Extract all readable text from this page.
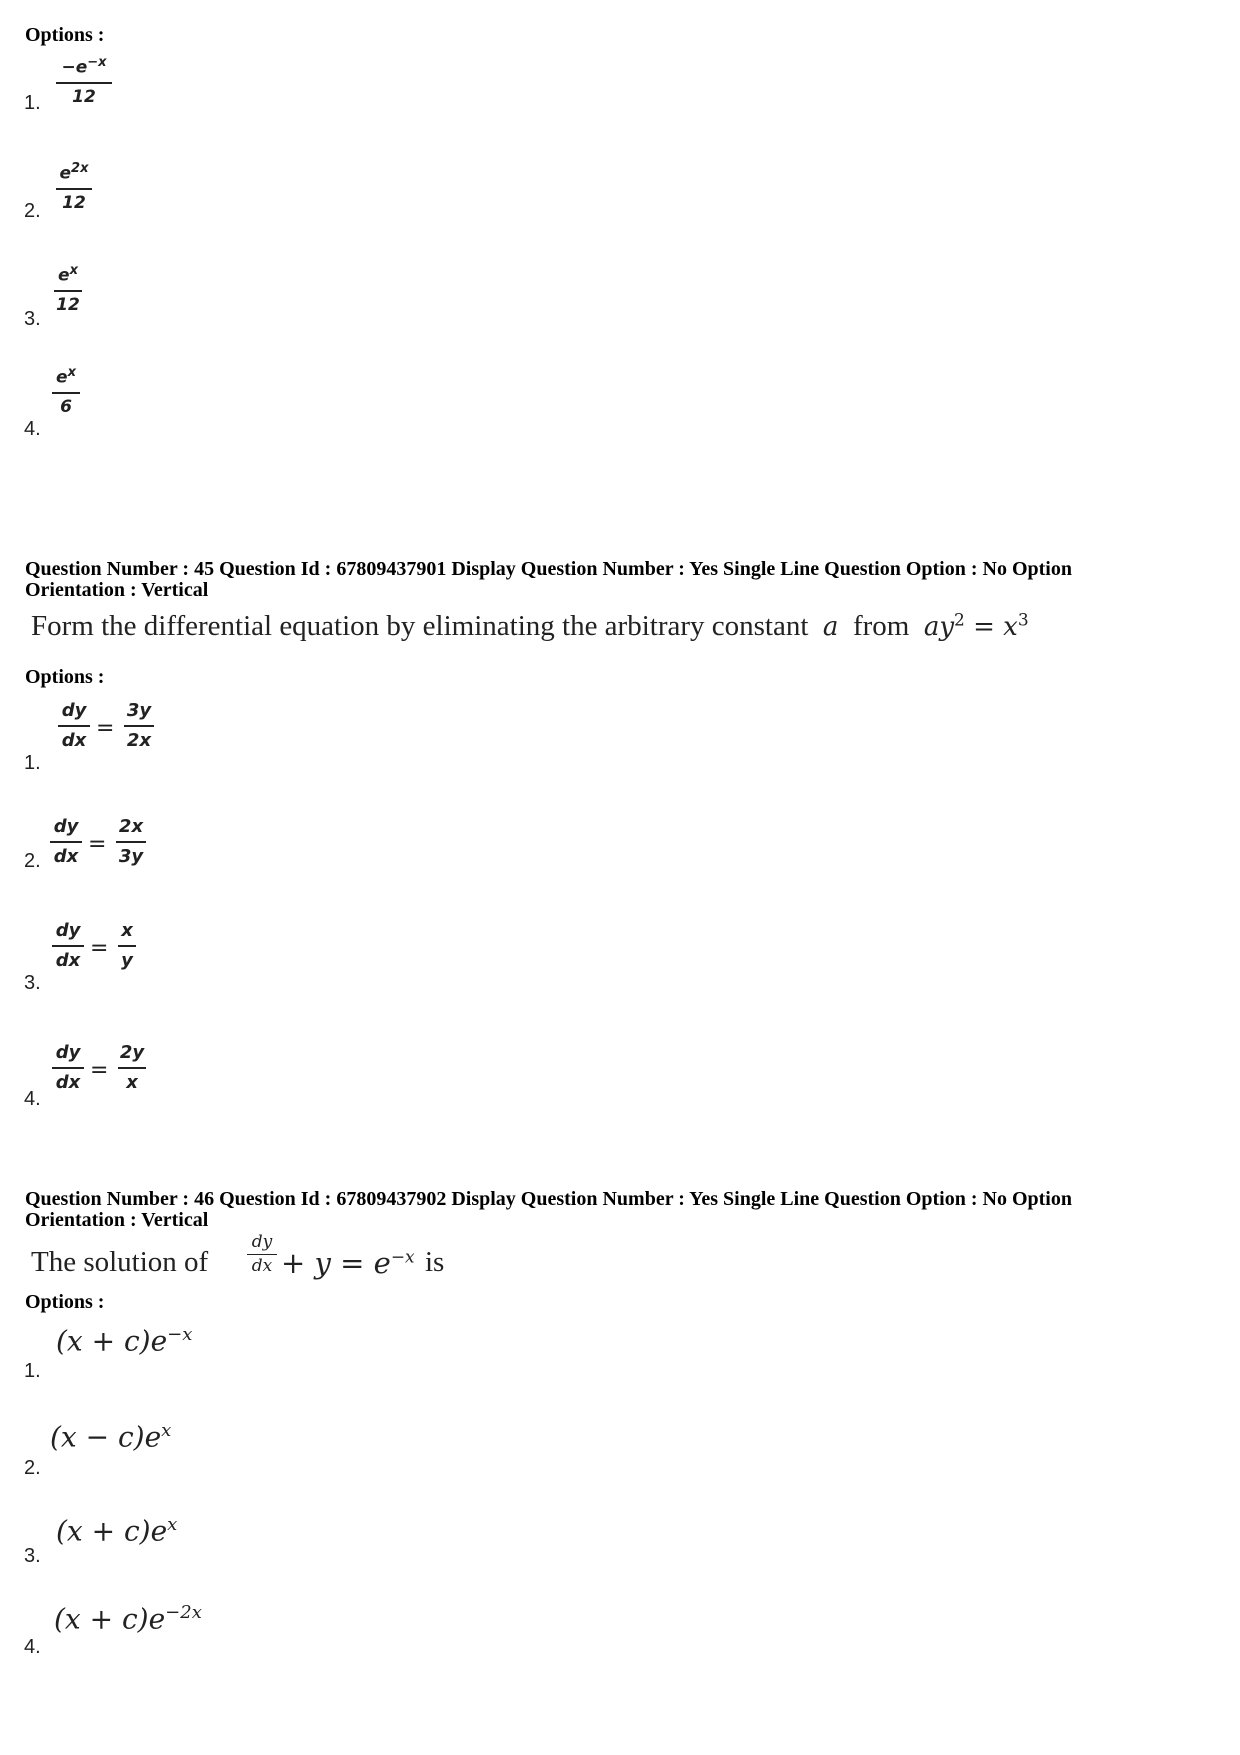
Options :
1.
$-e^{-x}$
12
2.
$e^{2x}$
12
3.
$e^x$
12
4.
$e^x$
6
Question Number : 45 Question Id : 67809437901 Display Question Number : Yes Single Line Question Option : No Option
Orientation : Vertical
Form the differential equation by eliminating the arbitrary constant a from $ay^2 = x^3$
Options :
1.
dy
dx =
3y
2x
2.
dy
dx =
2x
3y
3.
dy
dx =
x
y
4.
dy
dx =
2y
x
Question Number : 46 Question Id : 67809437902 Display Question Number : Yes Single Line Question Option : No Option
Orientation : Vertical
The solution of
dy
dx + $y = e^{-x}$ is
Options :
1.
$(x + c)e^{-x}$
2.
$(x - c)e^x$
3.
$(x + c)e^x$
4.
$(x + c)e^{-2x}$
